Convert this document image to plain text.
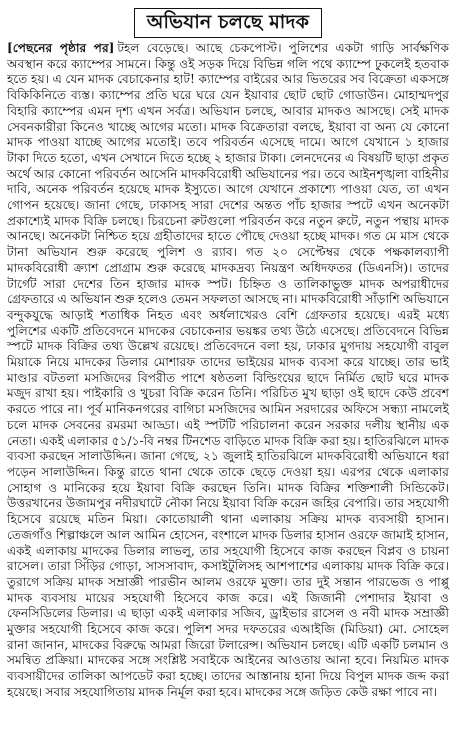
অভিযান চলছে মাদক

[পেছনের পৃষ্ঠার পর] টহল বেড়েছে। আছে চেকপোস্ট। পুলিশের একটা গাড়ি সার্বক্ষণিক অবস্থান করে ক্যাম্পের সামনে। কিন্তু ওই সড়ক দিয়ে বিভিন্ন গলি পথে ক্যাম্পে ঢুকলেই হতবাক হতে হয়। এ যেন মাদক বেচাকেনার হাট! ক্যাম্পের বাইরের আর ভিতরের সব বিক্রেতা একসঙ্গে বিকিকিনিতে ব্যস্ত। ক্যাম্পের প্রতি ঘরে ঘরে যেন ইয়াবার ছোট ছোট গোডাউন। মোহাম্মদপুর বিহারি ক্যাম্পের এমন দৃশ্য এখন সর্বত্র। অভিযান চলছে, আবার মাদকও আসছে। সেই মাদক সেবনকারীরা কিনেও খাচ্ছে আগের মতো। মাদক বিক্রেতারা বলছে, ইয়াবা বা অন্য যে কোনো মাদক পাওয়া যাচ্ছে আগের মতোই। তবে পরিবর্তন এসেছে দামে। আগে যেখানে ১ হাজার টাকা দিতে হতো, এখন সেখানে দিতে হচ্ছে ২ হাজার টাকা। লেনদেনের এ বিষয়টি ছাড়া প্রকৃত অর্থে আর কোনো পরিবর্তন আসেনি মাদকবিরোধী অভিযানের পর। তবে আইনশৃঙ্খলা বাহিনীর দাবি, অনেক পরিবর্তন হয়েছে মাদক ইস্যুতে। আগে যেখানে প্রকাশ্যে পাওয়া যেত, তা এখন গোপন হয়েছে। জানা গেছে, ঢাকাসহ সারা দেশের অন্তত পাঁচ হাজার স্পটে এখন অনেকটা প্রকাশ্যেই মাদক বিক্রি চলছে। চিরচেনা রুটগুলো পরিবর্তন করে নতুন রুটে, নতুন পন্থায় মাদক আনছে। অনেকটা নিশ্চিত হয়ে গ্রহীতাদের হাতে পৌছে দেওয়া হচ্ছে মাদক। গত মে মাস থেকে টানা অভিযান শুরু করেছে পুলিশ ও র‌্যাব। গত ২০ সেপ্টেম্বর থেকে পক্ষকালব্যাপী মাদকবিরোধী ক্র্যাশ প্রোগ্রাম শুরু করেছে মাদকদ্রব্য নিয়ন্ত্রণ অধিদফতর (ডিএনসি)। তাদের টার্গেট সারা দেশের তিন হাজার মাদক স্পট। চিহ্নিত ও তালিকাভুক্ত মাদক অপরাধীদের গ্রেফতারে এ অভিযান শুরু হলেও তেমন সফলতা আসছে না। মাদকবিরোধী সাঁড়াশি অভিযানে বন্দুকযুদ্ধে আড়াই শতাধিক নিহত এবং অর্ধলাখেরও বেশি গ্রেফতার হয়েছে। এরই মধ্যে পুলিশের একটি প্রতিবেদনে মাদকের বেচাকেনার ভয়ঙ্কর তথ্য উঠে এসেছে। প্রতিবেদনে বিভিন্ন স্পটে মাদক বিক্রির তথ্য উল্লেখ রয়েছে। প্রতিবেদনে বলা হয়, ঢাকার মুগদায় সহযোগী বাবুল মিয়াকে নিয়ে মাদকের ডিলার মোশারফ তাদের ভাইয়ের মাদক ব্যবসা করে যাচ্ছে। তার ভাই মাণ্ডার বটতলা মসজিদের বিপরীত পাশে ষষ্ঠতলা বিল্ডিংয়ের ছাদে নির্মিত ছোট ঘরে মাদক মজুদ রাখা হয়। পাইকারি ও খুচরা বিক্রি করেন তিনি। পরিচিত মুখ ছাড়া ওই ছাদে কেউ প্রবেশ করতে পারে না। পূর্ব মানিকনগরের বাগিচা মসজিদের আমিন সরদারের অফিসে সন্ধ্যা নামলেই চলে মাদক সেবনের রমরমা আড্ডা। এই স্পটটি পরিচালনা করেন সরকার দলীয় স্থানীয় এক নেতা। একই এলাকার ৫১/১-বি নম্বর টিনশেড বাড়িতে মাদক বিক্রি করা হয়। হাতিরঝিলে মাদক ব্যবসা করছেন সালাউদ্দিন। জানা গেছে, ২১ জুলাই হাতিরঝিলে মাদকবিরোধী অভিযানে ধরা পড়েন সালাউদ্দিন। কিন্তু রাতে থানা থেকে তাকে ছেড়ে দেওয়া হয়। এরপর থেকে এলাকার সোহাগ ও মানিকের হয়ে ইয়াবা বিক্রি করছেন তিনি। মাদক বিক্রির শক্তিশালী সিন্ডিকেট। উত্তরখানের উজামপুর নদীরঘাটে নৌকা নিয়ে ইয়াবা বিক্রি করেন জহির বেপারি। তার সহযোগী হিসেবে রয়েছে মতিন মিয়া। কোতোয়ালী থানা এলাকায় সক্রিয় মাদক ব্যবসায়ী হাসান। তেজগাঁও শিল্পাঞ্চলে আল আমিন হোসেন, বংশালে মাদক ডিলার হাসান ওরফে জামাই হাসান, একই এলাকায় মাদকের ডিলার লাভলু, তার সহযোগী হিসেবে কাজ করছেন বিপ্লব ও চায়না রাসেল। তারা সিঁড়ির গোড়া, সাসসাবাদ, কসাইটুলিসহ আশপাশের এলাকায় মাদক বিক্রি করে। তুরাগে সক্রিয় মাদক সম্রাজ্ঞী পারভীন আলম ওরফে মুক্তা। তার দুই সন্তান পারভেজ ও পাপ্পু মাদক ব্যবসায় মায়ের সহযোগী হিসেবে কাজ করে। এই জিজানী পেশাদার ইয়াবা ও ফেনসিডিলের ডিলার। এ ছাড়া একই এলাকার সজিব, ড্রাইভার রাসেল ও নবী মাদক সম্রাজ্ঞী মুক্তার সহযোগী হিসেবে কাজ করে। পুলিশ সদর দফতরের এআইজি (মিডিয়া) মো. সোহেল রানা জানান, মাদকের বিরুদ্ধে আমরা জিরো টলারেন্স। অভিযান চলছে। এটি একটি চলমান ও সমন্বিত প্রক্রিয়া। মাদকের সঙ্গে সংশ্লিষ্ট সবাইকে আইনের আওতায় আনা হবে। নিয়মিত মাদক ব্যবসায়ীদের তালিকা আপডেট করা হচ্ছে। তাদের আস্তানায় হানা দিয়ে বিপুল মাদক জব্দ করা হয়েছে। সবার সহযোগিতায় মাদক নির্মূল করা হবে। মাদকের সঙ্গে জড়িত কেউ রক্ষা পাবে না।
